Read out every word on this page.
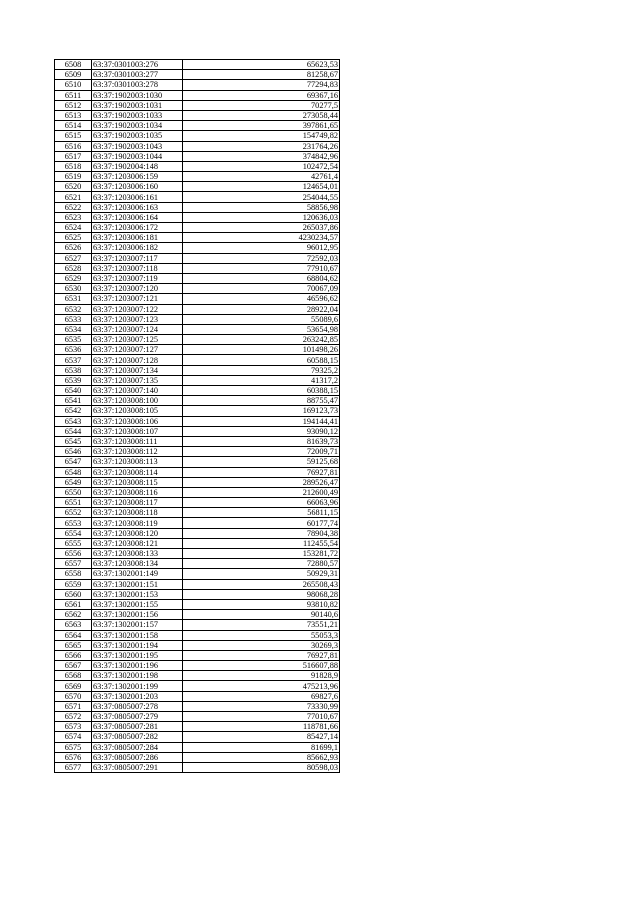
6508	63:37:0301003:276	65623,53
6509	63:37:0301003:277	81258,67
6510	63:37:0301003:278	77294,83
6511	63:37:1902003:1030	69367,16
6512	63:37:1902003:1031	70277,5
6513	63:37:1902003:1033	273058,44
6514	63:37:1902003:1034	397861,65
6515	63:37:1902003:1035	154749,82
6516	63:37:1902003:1043	231764,26
6517	63:37:1902003:1044	374842,96
6518	63:37:1902004:148	102472,54
6519	63:37:1203006:159	42761,4
6520	63:37:1203006:160	124654,01
6521	63:37:1203006:161	254044,55
6522	63:37:1203006:163	58856,98
6523	63:37:1203006:164	120636,03
6524	63:37:1203006:172	265037,86
6525	63:37:1203006:181	4230234,57
6526	63:37:1203006:182	96012,95
6527	63:37:1203007:117	72592,03
6528	63:37:1203007:118	77910,67
6529	63:37:1203007:119	68804,62
6530	63:37:1203007:120	70067,09
6531	63:37:1203007:121	46596,62
6532	63:37:1203007:122	28922,04
6533	63:37:1203007:123	55089,6
6534	63:37:1203007:124	53654,98
6535	63:37:1203007:125	263242,85
6536	63:37:1203007:127	101498,26
6537	63:37:1203007:128	60588,15
6538	63:37:1203007:134	79325,2
6539	63:37:1203007:135	41317,2
6540	63:37:1203007:140	60388,15
6541	63:37:1203008:100	88755,47
6542	63:37:1203008:105	169123,73
6543	63:37:1203008:106	194144,41
6544	63:37:1203008:107	93090,12
6545	63:37:1203008:111	81639,73
6546	63:37:1203008:112	72009,71
6547	63:37:1203008:113	59125,68
6548	63:37:1203008:114	76927,81
6549	63:37:1203008:115	289526,47
6550	63:37:1203008:116	212600,49
6551	63:37:1203008:117	66063,96
6552	63:37:1203008:118	56811,15
6553	63:37:1203008:119	60177,74
6554	63:37:1203008:120	78904,38
6555	63:37:1203008:121	112455,54
6556	63:37:1203008:133	153281,72
6557	63:37:1203008:134	72880,57
6558	63:37:1302001:149	50929,31
6559	63:37:1302001:151	265508,43
6560	63:37:1302001:153	98068,28
6561	63:37:1302001:155	93810,82
6562	63:37:1302001:156	90140,6
6563	63:37:1302001:157	73551,21
6564	63:37:1302001:158	55053,3
6565	63:37:1302001:194	30269,3
6566	63:37:1302001:195	76927,81
6567	63:37:1302001:196	516607,88
6568	63:37:1302001:198	91828,9
6569	63:37:1302001:199	475213,96
6570	63:37:1302001:203	69827,6
6571	63:37:0805007:278	73330,99
6572	63:37:0805007:279	77010,67
6573	63:37:0805007:281	118781,66
6574	63:37:0805007:282	85427,14
6575	63:37:0805007:284	81699,1
6576	63:37:0805007:286	85662,93
6577	63:37:0805007:291	80598,03
